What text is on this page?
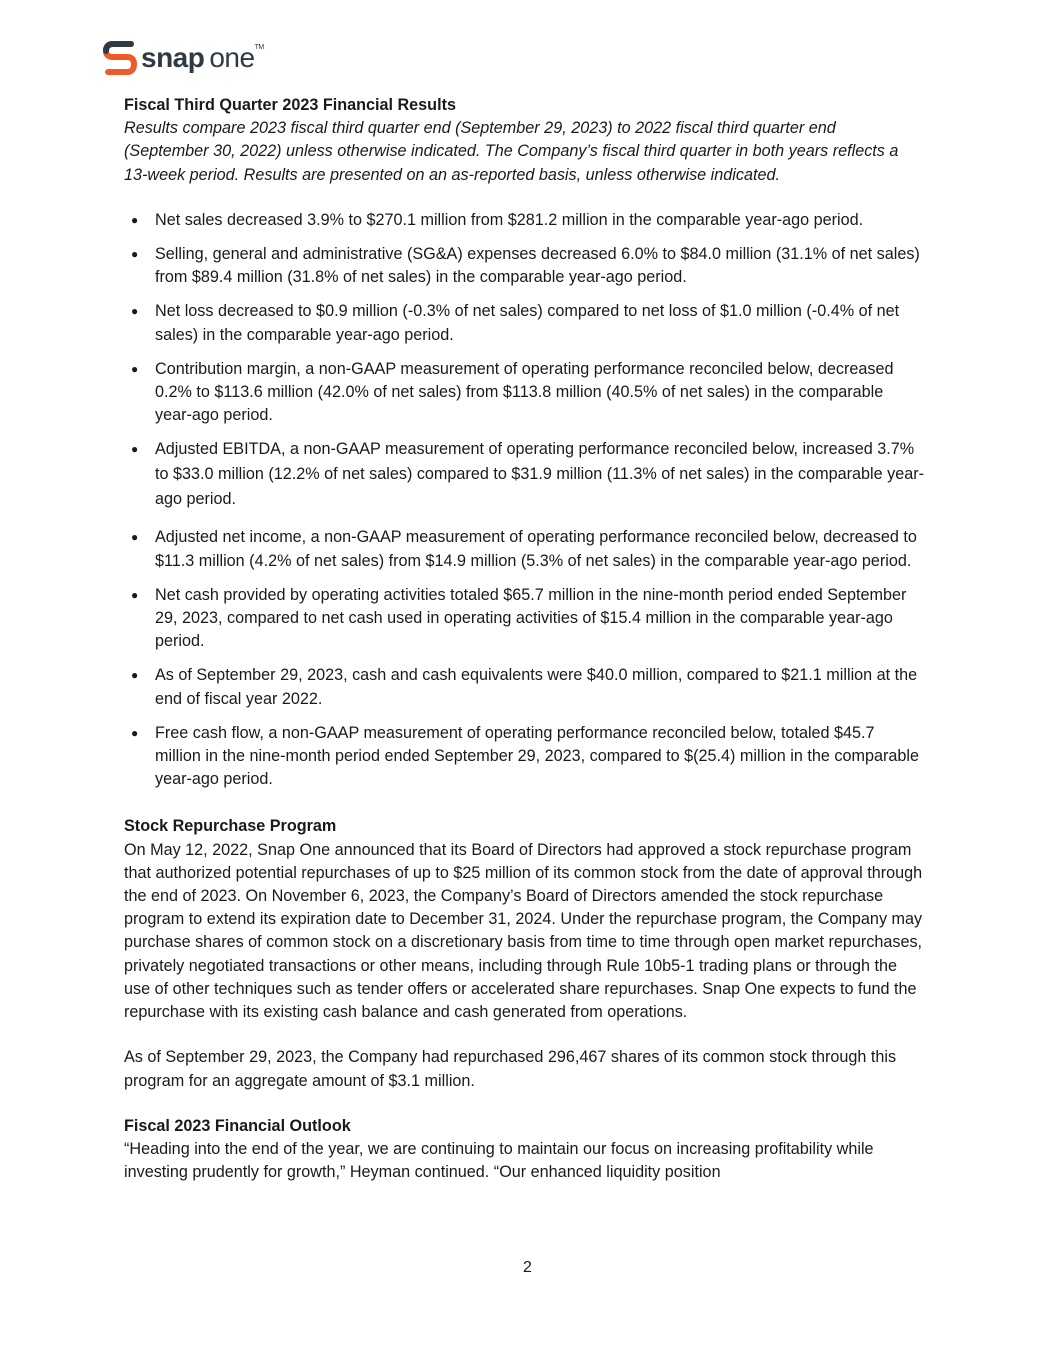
snap one™

Fiscal Third Quarter 2023 Financial Results

Results compare 2023 fiscal third quarter end (September 29, 2023) to 2022 fiscal third quarter end (September 30, 2022) unless otherwise indicated. The Company’s fiscal third quarter in both years reflects a 13-week period. Results are presented on an as-reported basis, unless otherwise indicated.

● Net sales decreased 3.9% to $270.1 million from $281.2 million in the comparable year-ago period.
● Selling, general and administrative (SG&A) expenses decreased 6.0% to $84.0 million (31.1% of net sales) from $89.4 million (31.8% of net sales) in the comparable year-ago period.
● Net loss decreased to $0.9 million (-0.3% of net sales) compared to net loss of $1.0 million (-0.4% of net sales) in the comparable year-ago period.
● Contribution margin, a non-GAAP measurement of operating performance reconciled below, decreased 0.2% to $113.6 million (42.0% of net sales) from $113.8 million (40.5% of net sales) in the comparable year-ago period.
● Adjusted EBITDA, a non-GAAP measurement of operating performance reconciled below, increased 3.7% to $33.0 million (12.2% of net sales) compared to $31.9 million (11.3% of net sales) in the comparable year-ago period.
● Adjusted net income, a non-GAAP measurement of operating performance reconciled below, decreased to $11.3 million (4.2% of net sales) from $14.9 million (5.3% of net sales) in the comparable year-ago period.
● Net cash provided by operating activities totaled $65.7 million in the nine-month period ended September 29, 2023, compared to net cash used in operating activities of $15.4 million in the comparable year-ago period.
● As of September 29, 2023, cash and cash equivalents were $40.0 million, compared to $21.1 million at the end of fiscal year 2022.
● Free cash flow, a non-GAAP measurement of operating performance reconciled below, totaled $45.7 million in the nine-month period ended September 29, 2023, compared to $(25.4) million in the comparable year-ago period.

Stock Repurchase Program

On May 12, 2022, Snap One announced that its Board of Directors had approved a stock repurchase program that authorized potential repurchases of up to $25 million of its common stock from the date of approval through the end of 2023. On November 6, 2023, the Company’s Board of Directors amended the stock repurchase program to extend its expiration date to December 31, 2024. Under the repurchase program, the Company may purchase shares of common stock on a discretionary basis from time to time through open market repurchases, privately negotiated transactions or other means, including through Rule 10b5-1 trading plans or through the use of other techniques such as tender offers or accelerated share repurchases. Snap One expects to fund the repurchase with its existing cash balance and cash generated from operations.

As of September 29, 2023, the Company had repurchased 296,467 shares of its common stock through this program for an aggregate amount of $3.1 million.

Fiscal 2023 Financial Outlook

“Heading into the end of the year, we are continuing to maintain our focus on increasing profitability while investing prudently for growth,” Heyman continued. “Our enhanced liquidity position

2
